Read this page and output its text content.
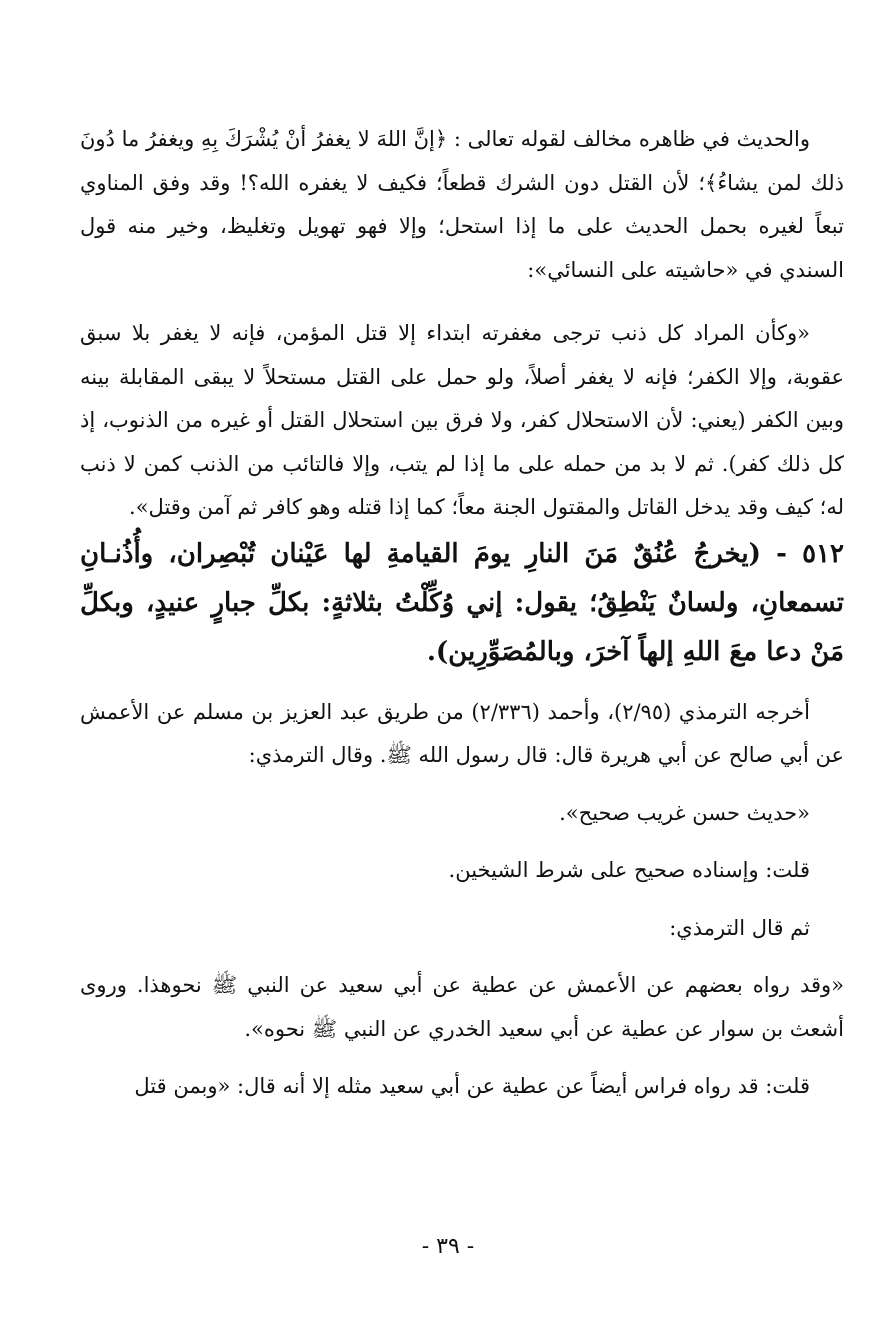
والحديث في ظاهره مخالف لقوله تعالى : ﴿إنَّ اللهَ لا يغفرُ أنْ يُشْرَكَ بِهِ ويغفرُ ما دُونَ ذلك لمن يشاءُ﴾؛ لأن القتل دون الشرك قطعاً؛ فكيف لا يغفره الله؟! وقد وفق المناوي تبعاً لغيره بحمل الحديث على ما إذا استحل؛ وإلا فهو تهويل وتغليظ، وخير منه قول السندي في «حاشيته على النسائي»:

«وكأن المراد كل ذنب ترجى مغفرته ابتداء إلا قتل المؤمن، فإنه لا يغفر بلا سبق عقوبة، وإلا الكفر؛ فإنه لا يغفر أصلاً، ولو حمل على القتل مستحلاً لا يبقى المقابلة بينه وبين الكفر (يعني: لأن الاستحلال كفر، ولا فرق بين استحلال القتل أو غيره من الذنوب، إذ كل ذلك كفر). ثم لا بد من حمله على ما إذا لم يتب، وإلا فالتائب من الذنب كمن لا ذنب له؛ كيف وقد يدخل القاتل والمقتول الجنة معاً؛ كما إذا قتله وهو كافر ثم آمن وقتل».

٥١٢ - (يخرجُ عُنُقٌ مَنَ النارِ يومَ القيامةِ لها عَيْنان تُبْصِران، وأُذُنـانِ تسمعانِ، ولسانٌ يَنْطِقُ؛ يقول: إني وُكِّلْتُ بثلاثةٍ: بكلِّ جبارٍ عنيدٍ، وبكلِّ مَنْ دعا معَ اللهِ إلهاً آخرَ، وبالمُصَوِّرِين).

أخرجه الترمذي (٢/٩٥)، وأحمد (٢/٣٣٦) من طريق عبد العزيز بن مسلم عن الأعمش عن أبي صالح عن أبي هريرة قال: قال رسول الله ﷺ. وقال الترمذي:

«حديث حسن غريب صحيح».

قلت: وإسناده صحيح على شرط الشيخين.

ثم قال الترمذي:

«وقد رواه بعضهم عن الأعمش عن عطية عن أبي سعيد عن النبي ﷺ نحوهذا. وروى أشعث بن سوار عن عطية عن أبي سعيد الخدري عن النبي ﷺ نحوه».

قلت: قد رواه فراس أيضاً عن عطية عن أبي سعيد مثله إلا أنه قال: «وبمن قتل

- ٣٩ -
